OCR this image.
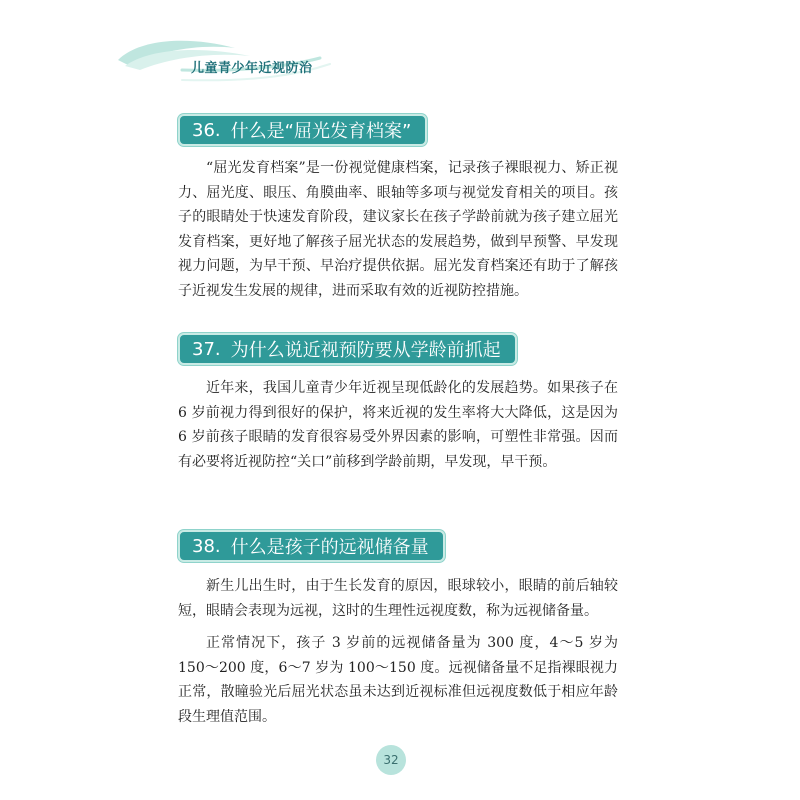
儿童青少年近视防治
36. 什么是“屈光发育档案”

“屈光发育档案”是一份视觉健康档案，记录孩子裸眼视力、矫正视力、屈光度、眼压、角膜曲率、眼轴等多项与视觉发育相关的项目。孩子的眼睛处于快速发育阶段，建议家长在孩子学龄前就为孩子建立屈光发育档案，更好地了解孩子屈光状态的发展趋势，做到早预警、早发现视力问题，为早干预、早治疗提供依据。屈光发育档案还有助于了解孩子近视发生发展的规律，进而采取有效的近视防控措施。

37. 为什么说近视预防要从学龄前抓起

近年来，我国儿童青少年近视呈现低龄化的发展趋势。如果孩子在 6 岁前视力得到很好的保护，将来近视的发生率将大大降低，这是因为 6 岁前孩子眼睛的发育很容易受外界因素的影响，可塑性非常强。因而有必要将近视防控“关口”前移到学龄前期，早发现，早干预。

38. 什么是孩子的远视储备量

新生儿出生时，由于生长发育的原因，眼球较小，眼睛的前后轴较短，眼睛会表现为远视，这时的生理性远视度数，称为远视储备量。

正常情况下，孩子 3 岁前的远视储备量为 300 度，4～5 岁为 150～200 度，6～7 岁为 100～150 度。远视储备量不足指裸眼视力正常，散瞳验光后屈光状态虽未达到近视标准但远视度数低于相应年龄段生理值范围。

32
